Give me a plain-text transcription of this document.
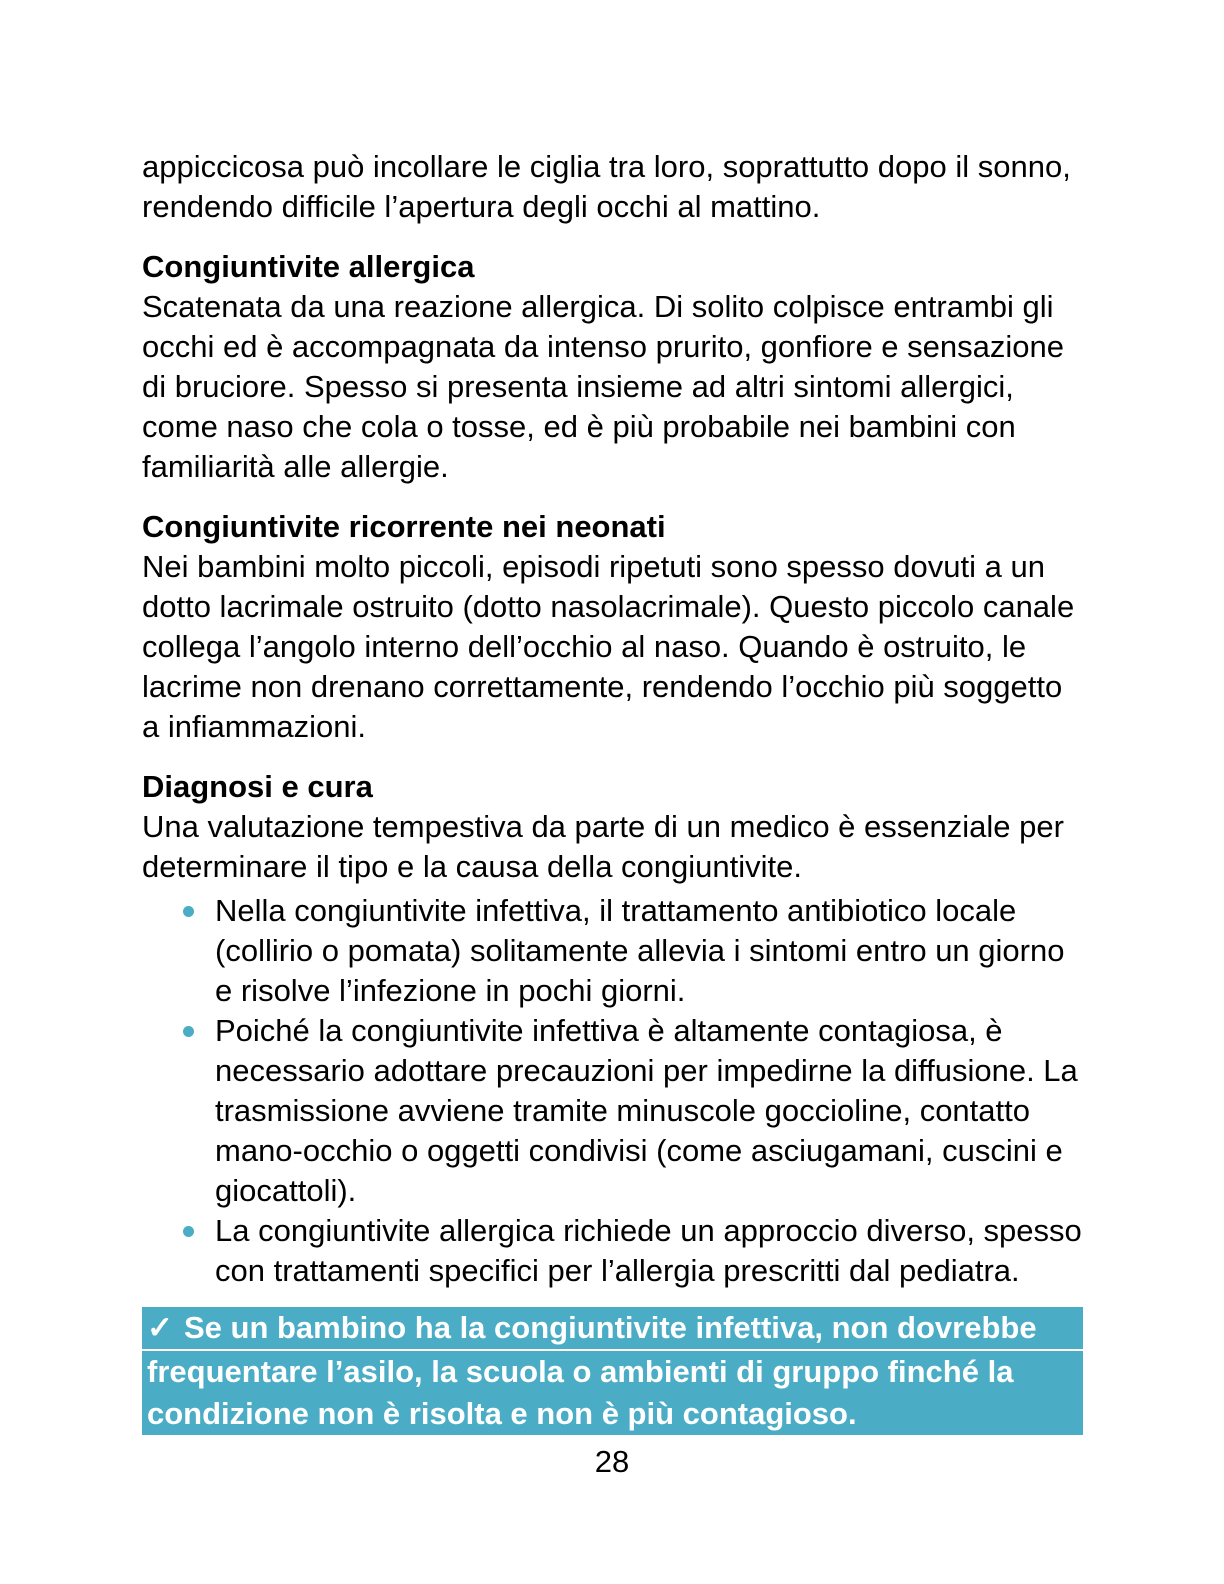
appiccicosa può incollare le ciglia tra loro, soprattutto dopo il sonno, rendendo difficile l’apertura degli occhi al mattino.

Congiuntivite allergica

Scatenata da una reazione allergica. Di solito colpisce entrambi gli occhi ed è accompagnata da intenso prurito, gonfiore e sensazione di bruciore. Spesso si presenta insieme ad altri sintomi allergici, come naso che cola o tosse, ed è più probabile nei bambini con familiarità alle allergie.

Congiuntivite ricorrente nei neonati

Nei bambini molto piccoli, episodi ripetuti sono spesso dovuti a un dotto lacrimale ostruito (dotto nasolacrimale). Questo piccolo canale collega l’angolo interno dell’occhio al naso. Quando è ostruito, le lacrime non drenano correttamente, rendendo l’occhio più soggetto a infiammazioni.

Diagnosi e cura

Una valutazione tempestiva da parte di un medico è essenziale per determinare il tipo e la causa della congiuntivite.

Nella congiuntivite infettiva, il trattamento antibiotico locale (collirio o pomata) solitamente allevia i sintomi entro un giorno e risolve l’infezione in pochi giorni.
Poiché la congiuntivite infettiva è altamente contagiosa, è necessario adottare precauzioni per impedirne la diffusione. La trasmissione avviene tramite minuscole goccioline, contatto mano-occhio o oggetti condivisi (come asciugamani, cuscini e giocattoli).
La congiuntivite allergica richiede un approccio diverso, spesso con trattamenti specifici per l’allergia prescritti dal pediatra.
✓ Se un bambino ha la congiuntivite infettiva, non dovrebbe
frequentare l’asilo, la scuola o ambienti di gruppo finché la
condizione non è risolta e non è più contagioso.
28
